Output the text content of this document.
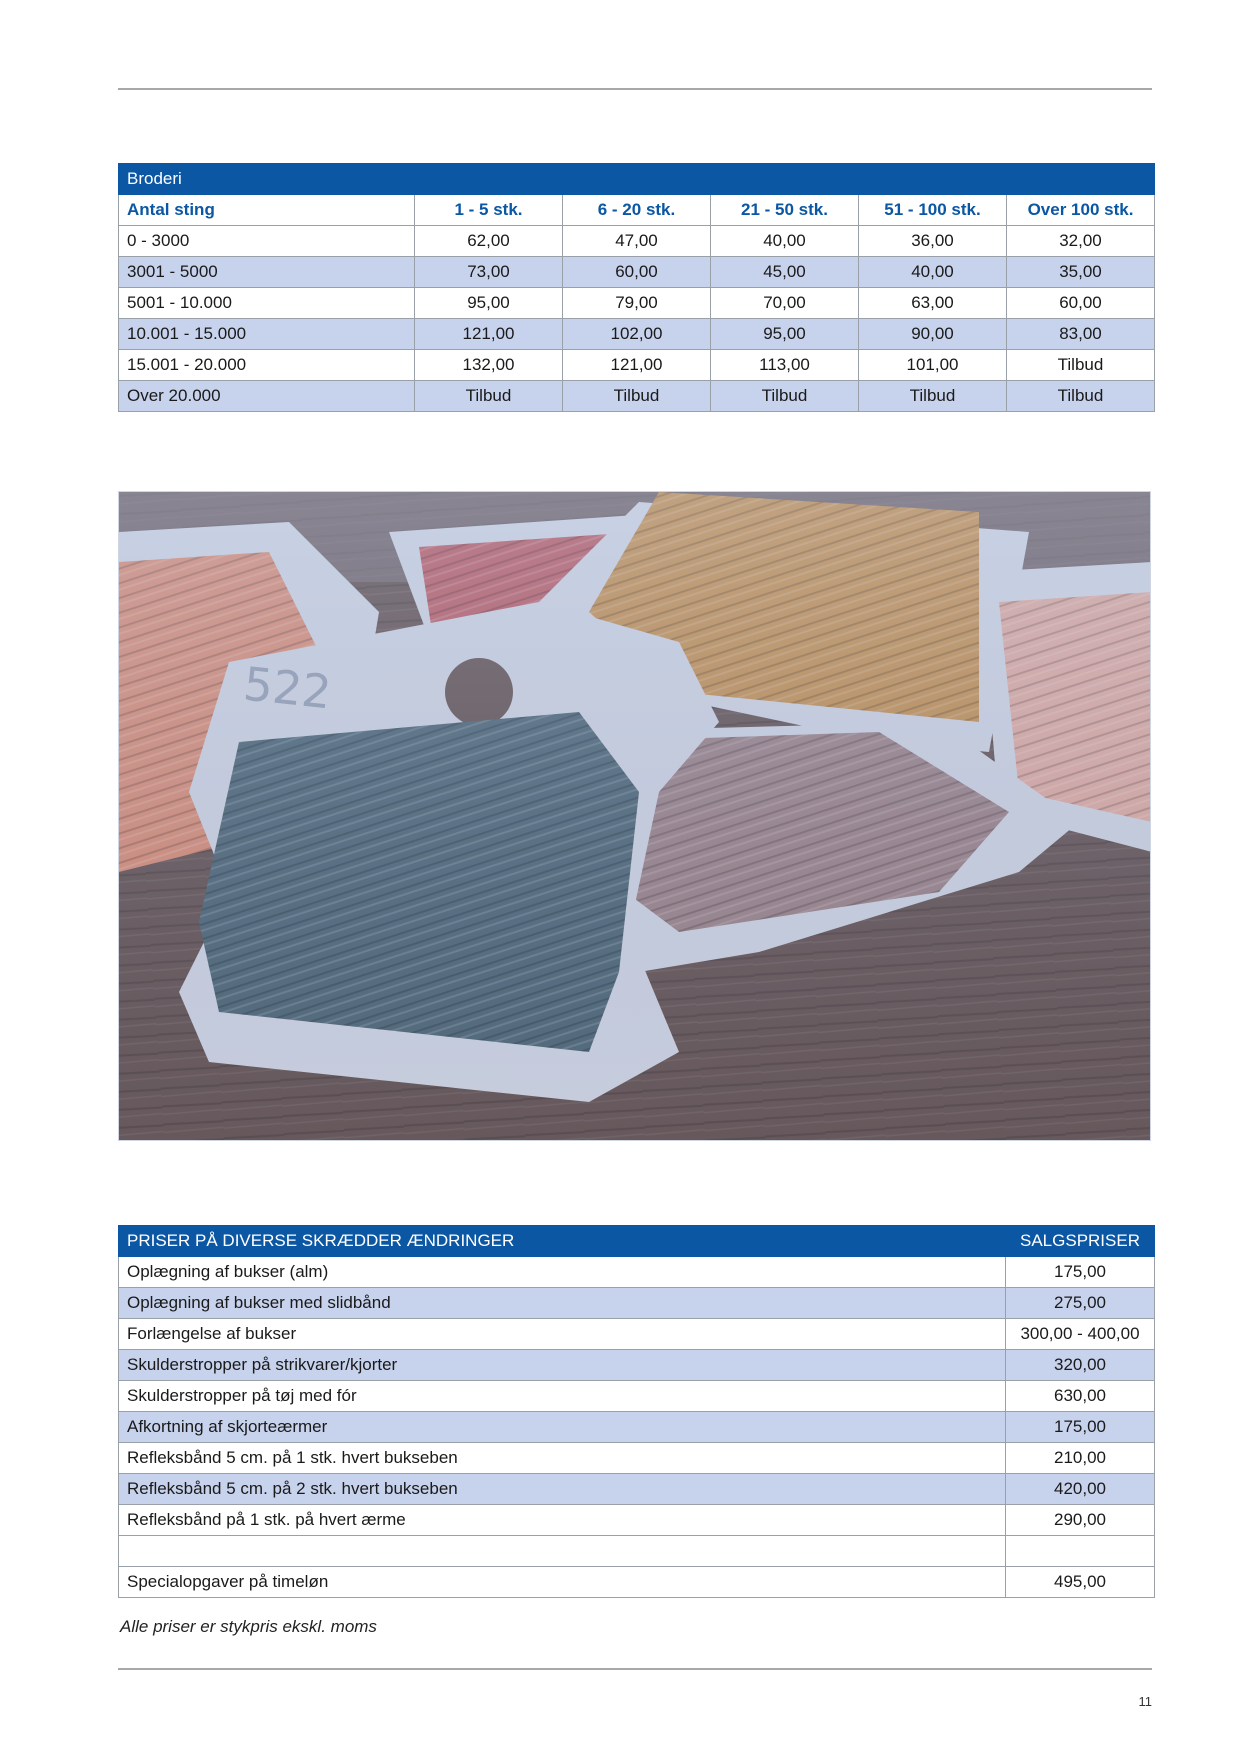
Broderi					
Antal sting	1 - 5 stk.	6 - 20 stk.	21 - 50 stk.	51 - 100 stk.	Over 100 stk.
0 - 3000	62,00	47,00	40,00	36,00	32,00
3001 - 5000	73,00	60,00	45,00	40,00	35,00
5001 - 10.000	95,00	79,00	70,00	63,00	60,00
10.001 - 15.000	121,00	102,00	95,00	90,00	83,00
15.001 - 20.000	132,00	121,00	113,00	101,00	Tilbud
Over 20.000	Tilbud	Tilbud	Tilbud	Tilbud	Tilbud
PRISER PÅ DIVERSE SKRÆDDER ÆNDRINGER	SALGSPRISER
Oplægning af bukser (alm)	175,00
Oplægning af bukser med slidbånd	275,00
Forlængelse af bukser	300,00 - 400,00
Skulderstropper på strikvarer/kjorter	320,00
Skulderstropper på tøj med fór	630,00
Afkortning af skjorteærmer	175,00
Refleksbånd 5 cm. på 1 stk. hvert bukseben	210,00
Refleksbånd 5 cm. på 2 stk. hvert bukseben	420,00
Refleksbånd på 1 stk. på hvert ærme	290,00

Specialopgaver på timeløn	495,00
Alle priser er stykpris ekskl. moms
11
